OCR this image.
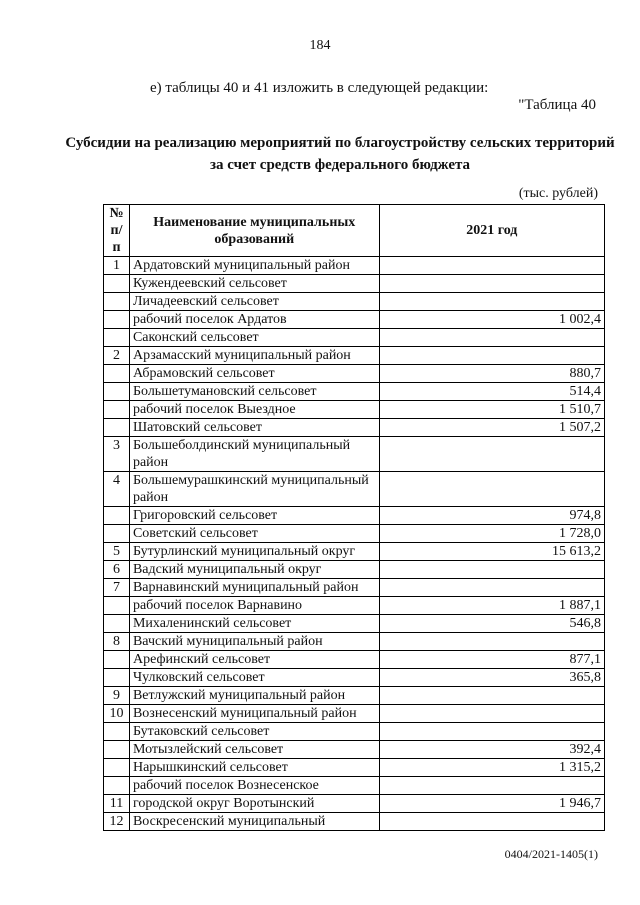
184
е) таблицы 40 и 41 изложить в следующей редакции:
"Таблица 40
Субсидии на реализацию мероприятий по благоустройству сельских территорий за счет средств федерального бюджета
(тыс. рублей)
№ п/п	Наименование муниципальных образований	2021 год
1	Ардатовский муниципальный район	
	Кужендеевский сельсовет	
	Личадеевский сельсовет	
	рабочий поселок Ардатов	1 002,4
	Саконский сельсовет	
2	Арзамасский муниципальный район	
	Абрамовский сельсовет	880,7
	Большетумановский сельсовет	514,4
	рабочий поселок Выездное	1 510,7
	Шатовский сельсовет	1 507,2
3	Большеболдинский муниципальный район	
4	Большемурашкинский муниципальный район	
	Григоровский сельсовет	974,8
	Советский сельсовет	1 728,0
5	Бутурлинский муниципальный округ	15 613,2
6	Вадский муниципальный округ	
7	Варнавинский муниципальный район	
	рабочий поселок Варнавино	1 887,1
	Михаленинский сельсовет	546,8
8	Вачский муниципальный район	
	Арефинский сельсовет	877,1
	Чулковский сельсовет	365,8
9	Ветлужский муниципальный район	
10	Вознесенский муниципальный район	
	Бутаковский сельсовет	
	Мотызлейский сельсовет	392,4
	Нарышкинский сельсовет	1 315,2
	рабочий поселок Вознесенское	
11	городской округ Воротынский	1 946,7
12	Воскресенский муниципальный	
0404/2021-1405(1)
